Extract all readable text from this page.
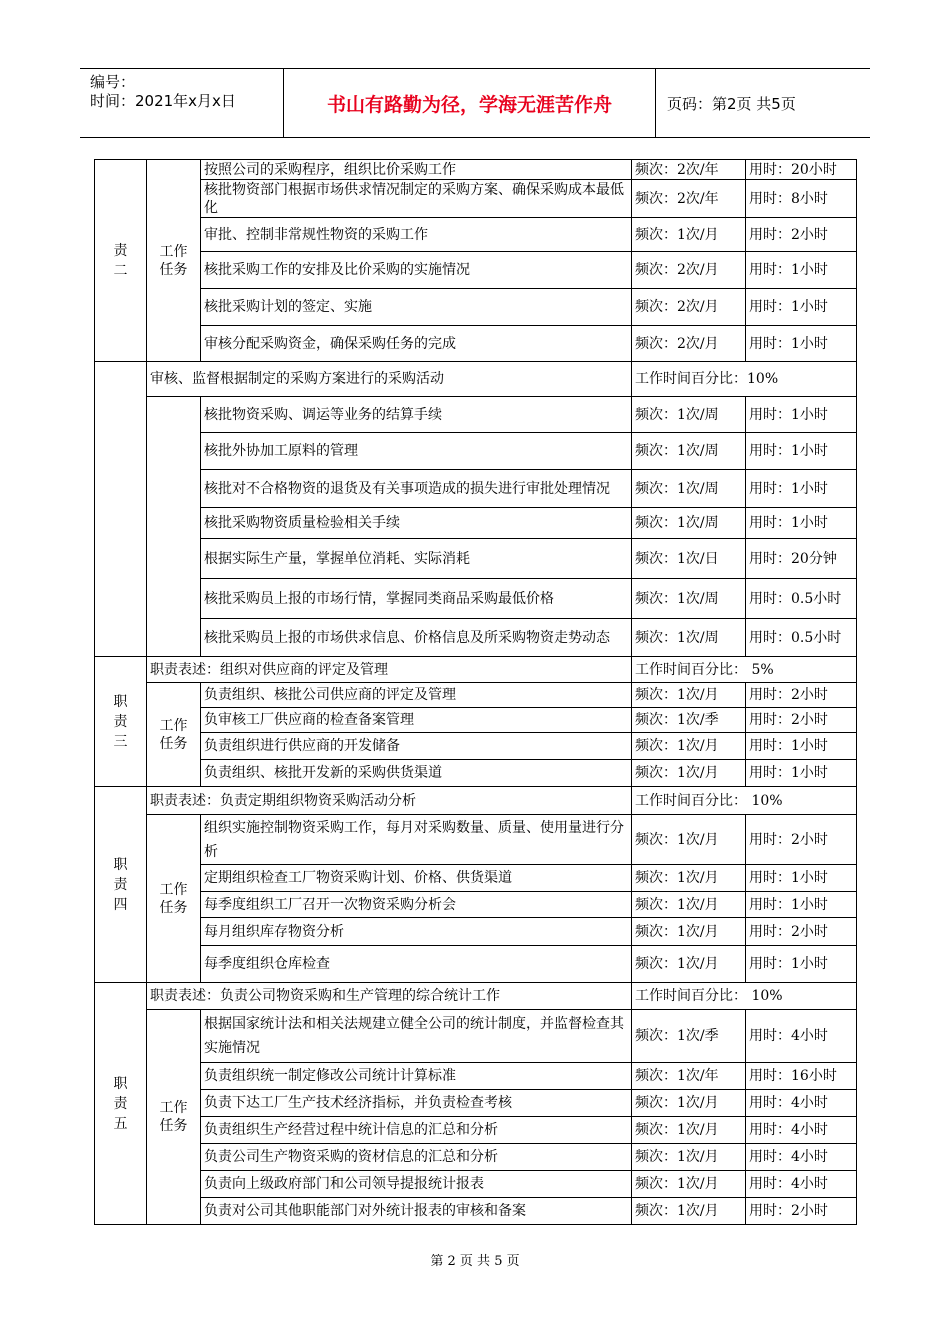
编号：
时间：2021年x月x日	书山有路勤为径，学海无涯苦作舟	页码：第2页 共5页
责二	工作任务	按照公司的采购程序，组织比价采购工作	频次：2次/年	用时：20小时
		核批物资部门根据市场供求情况制定的采购方案、确保采购成本最低化	频次：2次/年	用时：8小时
		审批、控制非常规性物资的采购工作	频次：1次/月	用时：2小时
		核批采购工作的安排及比价采购的实施情况	频次：2次/月	用时：1小时
		核批采购计划的签定、实施	频次：2次/月	用时：1小时
		审核分配采购资金，确保采购任务的完成	频次：2次/月	用时：1小时
	审核、监督根据制定的采购方案进行的采购活动		工作时间百分比：10%	
		核批物资采购、调运等业务的结算手续	频次：1次/周	用时：1小时
		核批外协加工原料的管理	频次：1次/周	用时：1小时
		核批对不合格物资的退货及有关事项造成的损失进行审批处理情况	频次：1次/周	用时：1小时
		核批采购物资质量检验相关手续	频次：1次/周	用时：1小时
		根据实际生产量，掌握单位消耗、实际消耗	频次：1次/日	用时：20分钟
		核批采购员上报的市场行情，掌握同类商品采购最低价格	频次：1次/周	用时：0.5小时
		核批采购员上报的市场供求信息、价格信息及所采购物资走势动态	频次：1次/周	用时：0.5小时
职责三	职责表述：组织对供应商的评定及管理		工作时间百分比： 5%	
	工作任务	负责组织、核批公司供应商的评定及管理	频次：1次/月	用时：2小时
		负审核工厂供应商的检查备案管理	频次：1次/季	用时：2小时
		负责组织进行供应商的开发储备	频次：1次/月	用时：1小时
		负责组织、核批开发新的采购供货渠道	频次：1次/月	用时：1小时
职责四	职责表述：负责定期组织物资采购活动分析		工作时间百分比： 10%	
	工作任务	组织实施控制物资采购工作，每月对采购数量、质量、使用量进行分析	频次：1次/月	用时：2小时
		定期组织检查工厂物资采购计划、价格、供货渠道	频次：1次/月	用时：1小时
		每季度组织工厂召开一次物资采购分析会	频次：1次/月	用时：1小时
		每月组织库存物资分析	频次：1次/月	用时：2小时
		每季度组织仓库检查	频次：1次/月	用时：1小时
职责五	职责表述：负责公司物资采购和生产管理的综合统计工作		工作时间百分比： 10%	
	工作任务	根据国家统计法和相关法规建立健全公司的统计制度，并监督检查其实施情况	频次：1次/季	用时：4小时
		负责组织统一制定修改公司统计计算标准	频次：1次/年	用时：16小时
		负责下达工厂生产技术经济指标，并负责检查考核	频次：1次/月	用时：4小时
		负责组织生产经营过程中统计信息的汇总和分析	频次：1次/月	用时：4小时
		负责公司生产物资采购的资材信息的汇总和分析	频次：1次/月	用时：4小时
		负责向上级政府部门和公司领导提报统计报表	频次：1次/月	用时：4小时
		负责对公司其他职能部门对外统计报表的审核和备案	频次：1次/月	用时：2小时
第 2 页 共 5 页
